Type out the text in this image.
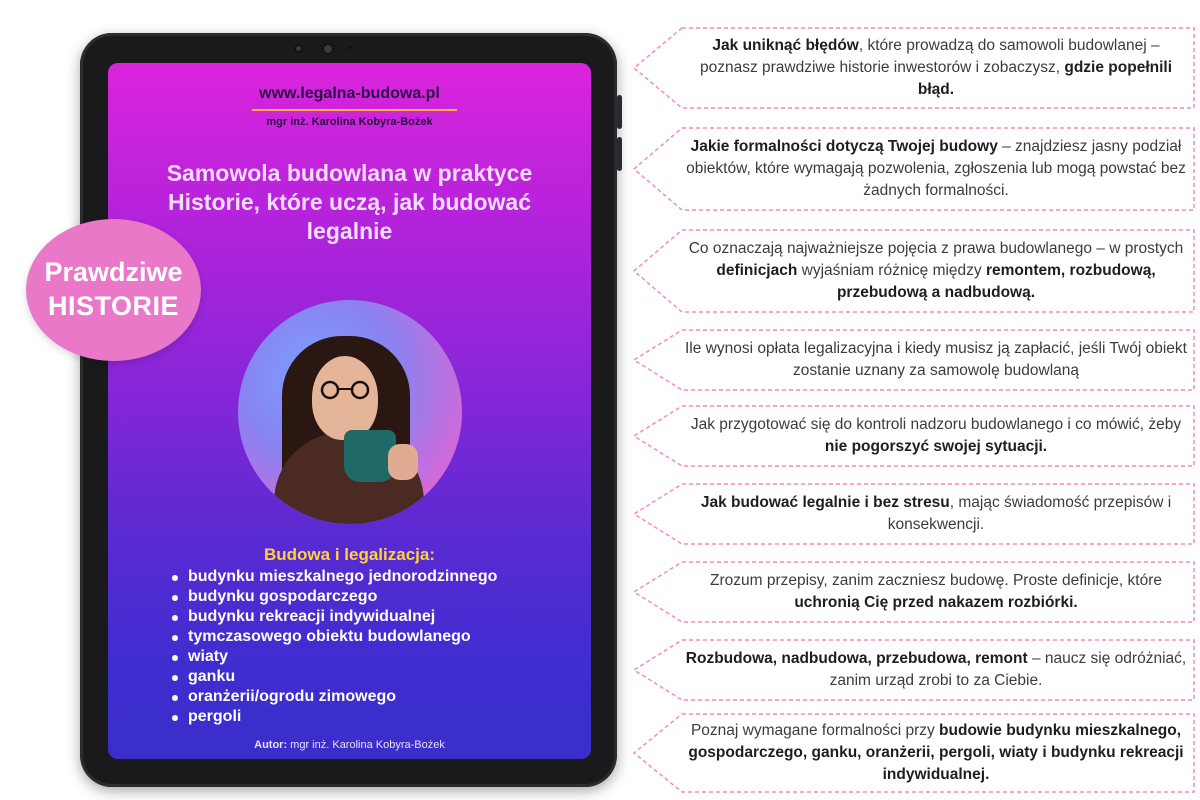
www.legalna-budowa.pl
mgr inż. Karolina Kobyra-Bożek
Samowola budowlana w praktyce
Historie, które uczą, jak budować
legalnie
Budowa i legalizacja:
budynku mieszkalnego jednorodzinnego
budynku gospodarczego
budynku rekreacji indywidualnej
tymczasowego obiektu budowlanego
wiaty
ganku
oranżerii/ogrodu zimowego
pergoli
Autor: mgr inż. Karolina Kobyra-Bożek
Prawdziwe
HISTORIE

Jak uniknąć błędów, które prowadzą do samowoli budowlanej – poznasz prawdziwe historie inwestorów i zobaczysz, gdzie popełnili błąd.

Jakie formalności dotyczą Twojej budowy – znajdziesz jasny podział obiektów, które wymagają pozwolenia, zgłoszenia lub mogą powstać bez żadnych formalności.

Co oznaczają najważniejsze pojęcia z prawa budowlanego – w prostych definicjach wyjaśniam różnicę między remontem, rozbudową, przebudową a nadbudową.

Ile wynosi opłata legalizacyjna i kiedy musisz ją zapłacić, jeśli Twój obiekt zostanie uznany za samowolę budowlaną

Jak przygotować się do kontroli nadzoru budowlanego i co mówić, żeby nie pogorszyć swojej sytuacji.

Jak budować legalnie i bez stresu, mając świadomość przepisów i konsekwencji.

Zrozum przepisy, zanim zaczniesz budowę. Proste definicje, które uchronią Cię przed nakazem rozbiórki.

Rozbudowa, nadbudowa, przebudowa, remont – naucz się odróżniać, zanim urząd zrobi to za Ciebie.

Poznaj wymagane formalności przy budowie budynku mieszkalnego, gospodarczego, ganku, oranżerii, pergoli, wiaty i budynku rekreacji indywidualnej.
